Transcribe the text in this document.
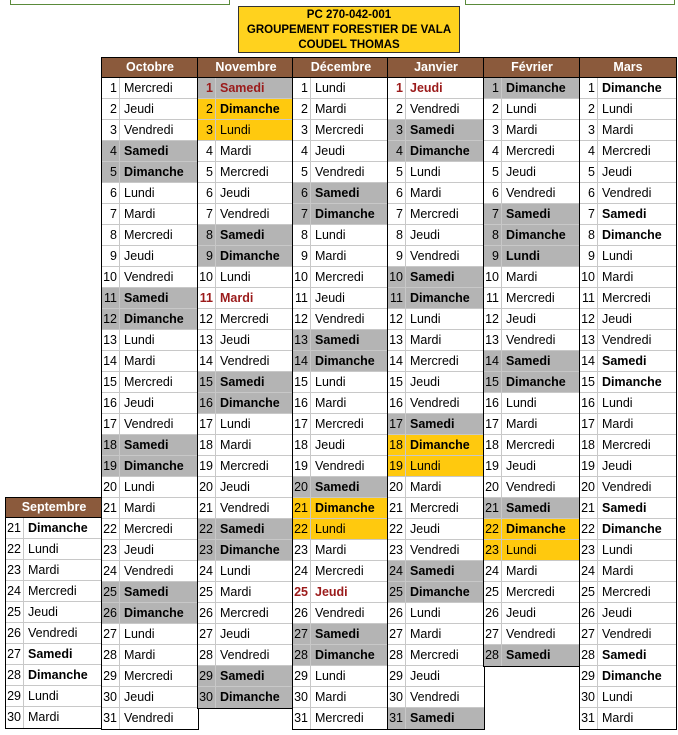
PC 270-042-001
GROUPEMENT FORESTIER DE VALA
COUDEL THOMAS
Septembre
21 Dimanche
22 Lundi
23 Mardi
24 Mercredi
25 Jeudi
26 Vendredi
27 Samedi
28 Dimanche
29 Lundi
30 Mardi
Octobre
1 Mercredi
2 Jeudi
3 Vendredi
4 Samedi
5 Dimanche
6 Lundi
7 Mardi
8 Mercredi
9 Jeudi
10 Vendredi
11 Samedi
12 Dimanche
13 Lundi
14 Mardi
15 Mercredi
16 Jeudi
17 Vendredi
18 Samedi
19 Dimanche
20 Lundi
21 Mardi
22 Mercredi
23 Jeudi
24 Vendredi
25 Samedi
26 Dimanche
27 Lundi
28 Mardi
29 Mercredi
30 Jeudi
31 Vendredi
Novembre
1 Samedi
2 Dimanche
3 Lundi
4 Mardi
5 Mercredi
6 Jeudi
7 Vendredi
8 Samedi
9 Dimanche
10 Lundi
11 Mardi
12 Mercredi
13 Jeudi
14 Vendredi
15 Samedi
16 Dimanche
17 Lundi
18 Mardi
19 Mercredi
20 Jeudi
21 Vendredi
22 Samedi
23 Dimanche
24 Lundi
25 Mardi
26 Mercredi
27 Jeudi
28 Vendredi
29 Samedi
30 Dimanche
Décembre
1 Lundi
2 Mardi
3 Mercredi
4 Jeudi
5 Vendredi
6 Samedi
7 Dimanche
8 Lundi
9 Mardi
10 Mercredi
11 Jeudi
12 Vendredi
13 Samedi
14 Dimanche
15 Lundi
16 Mardi
17 Mercredi
18 Jeudi
19 Vendredi
20 Samedi
21 Dimanche
22 Lundi
23 Mardi
24 Mercredi
25 Jeudi
26 Vendredi
27 Samedi
28 Dimanche
29 Lundi
30 Mardi
31 Mercredi
Janvier
1 Jeudi
2 Vendredi
3 Samedi
4 Dimanche
5 Lundi
6 Mardi
7 Mercredi
8 Jeudi
9 Vendredi
10 Samedi
11 Dimanche
12 Lundi
13 Mardi
14 Mercredi
15 Jeudi
16 Vendredi
17 Samedi
18 Dimanche
19 Lundi
20 Mardi
21 Mercredi
22 Jeudi
23 Vendredi
24 Samedi
25 Dimanche
26 Lundi
27 Mardi
28 Mercredi
29 Jeudi
30 Vendredi
31 Samedi
Février
1 Dimanche
2 Lundi
3 Mardi
4 Mercredi
5 Jeudi
6 Vendredi
7 Samedi
8 Dimanche
9 Lundi
10 Mardi
11 Mercredi
12 Jeudi
13 Vendredi
14 Samedi
15 Dimanche
16 Lundi
17 Mardi
18 Mercredi
19 Jeudi
20 Vendredi
21 Samedi
22 Dimanche
23 Lundi
24 Mardi
25 Mercredi
26 Jeudi
27 Vendredi
28 Samedi
Mars
1 Dimanche
2 Lundi
3 Mardi
4 Mercredi
5 Jeudi
6 Vendredi
7 Samedi
8 Dimanche
9 Lundi
10 Mardi
11 Mercredi
12 Jeudi
13 Vendredi
14 Samedi
15 Dimanche
16 Lundi
17 Mardi
18 Mercredi
19 Jeudi
20 Vendredi
21 Samedi
22 Dimanche
23 Lundi
24 Mardi
25 Mercredi
26 Jeudi
27 Vendredi
28 Samedi
29 Dimanche
30 Lundi
31 Mardi
